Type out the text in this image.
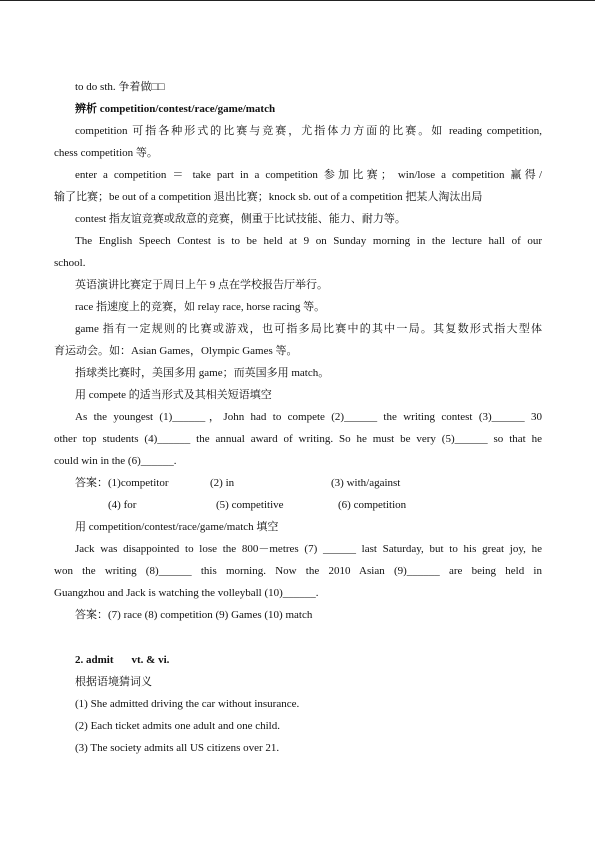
to do sth. 争着做□□
辨析 competition/contest/race/game/match
competition 可指各种形式的比赛与竞赛，尤指体力方面的比赛。如 reading competition,
chess competition 等。
enter a competition ＝ take part in a competition 参加比赛； win/lose a competition 赢得/
输了比赛；be out of a competition 退出比赛；knock sb. out of a competition 把某人淘汰出局
contest 指友谊竞赛或敌意的竞赛，侧重于比试技能、能力、耐力等。
The English Speech Contest is to be held at 9 on Sunday morning in the lecture hall of our
school.
英语演讲比赛定于周日上午 9 点在学校报告厅举行。
race 指速度上的竞赛，如 relay race, horse racing 等。
game 指有一定规则的比赛或游戏，也可指多局比赛中的其中一局。其复数形式指大型体
育运动会。如：Asian Games，Olympic Games 等。
指球类比赛时，美国多用 game；而英国多用 match。
用 compete 的适当形式及其相关短语填空
As the youngest (1)______，John had to compete (2)______ the writing contest (3)______ 30
other top students (4)______ the annual award of writing. So he must be very (5)______ so that he
could win in the (6)______.
答案：(1)competitor	(2) in	(3) with/against
(4) for	(5) competitive	(6) competition
用 competition/contest/race/game/match 填空
Jack was disappointed to lose the 800－metres (7) ______ last Saturday, but to his great joy, he
won the writing (8)______ this morning. Now the 2010 Asian (9)______ are being held in
Guangzhou and Jack is watching the volleyball (10)______.
答案：(7) race (8) competition (9) Games (10) match
2. admit vt. & vi.
根据语境猜词义
(1) She admitted driving the car without insurance.
(2) Each ticket admits one adult and one child.
(3) The society admits all US citizens over 21.
